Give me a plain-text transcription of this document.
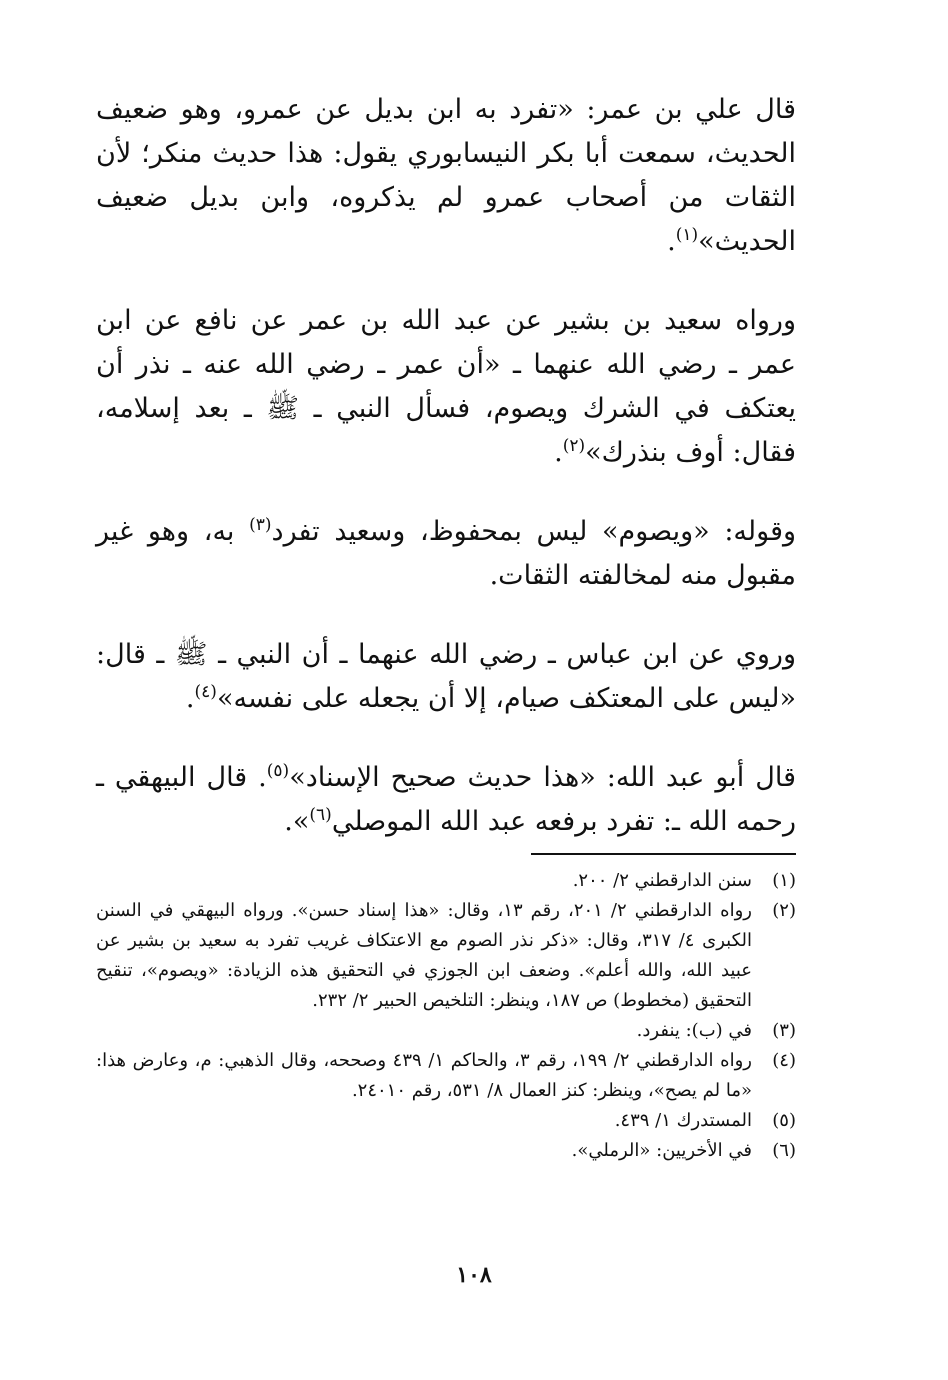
قال علي بن عمر: «تفرد به ابن بديل عن عمرو، وهو ضعيف الحديث، سمعت أبا بكر النيسابوري يقول: هذا حديث منكر؛ لأن الثقات من أصحاب عمرو لم يذكروه، وابن بديل ضعيف الحديث»$^{(١)}$.

ورواه سعيد بن بشير عن عبد الله بن عمر عن نافع عن ابن عمر ـ رضي الله عنهما ـ «أن عمر ـ رضي الله عنه ـ نذر أن يعتكف في الشرك ويصوم، فسأل النبي ـ ﷺ ـ بعد إسلامه، فقال: أوف بنذرك»$^{(٢)}$.

وقوله: «ويصوم» ليس بمحفوظ، وسعيد تفرد$^{(٣)}$ به، وهو غير مقبول منه لمخالفته الثقات.

وروي عن ابن عباس ـ رضي الله عنهما ـ أن النبي ـ ﷺ ـ قال: «ليس على المعتكف صيام، إلا أن يجعله على نفسه»$^{(٤)}$.

قال أبو عبد الله: «هذا حديث صحيح الإسناد»$^{(٥)}$. قال البيهقي ـ رحمه الله ـ: تفرد برفعه عبد الله الموصلي$^{(٦)}$».

(١)
سنن الدارقطني ٢/ ٢٠٠.
(٢)
رواه الدارقطني ٢/ ٢٠١، رقم ١٣، وقال: «هذا إسناد حسن». ورواه البيهقي في السنن الكبرى ٤/ ٣١٧، وقال: «ذكر نذر الصوم مع الاعتكاف غريب تفرد به سعيد بن بشير عن عبيد الله، والله أعلم». وضعف ابن الجوزي في التحقيق هذه الزيادة: «ويصوم»، تنقيح التحقيق (مخطوط) ص ١٨٧، وينظر: التلخيص الحبير ٢/ ٢٣٢.
(٣)
في (ب): ينفرد.
(٤)
رواه الدارقطني ٢/ ١٩٩، رقم ٣، والحاكم ١/ ٤٣٩ وصححه، وقال الذهبي: م، وعارض هذا: «ما لم يصح»، وينظر: كنز العمال ٨/ ٥٣١، رقم ٢٤٠١٠.
(٥)
المستدرك ١/ ٤٣٩.
(٦)
في الأخريين: «الرملي».
١٠٨
